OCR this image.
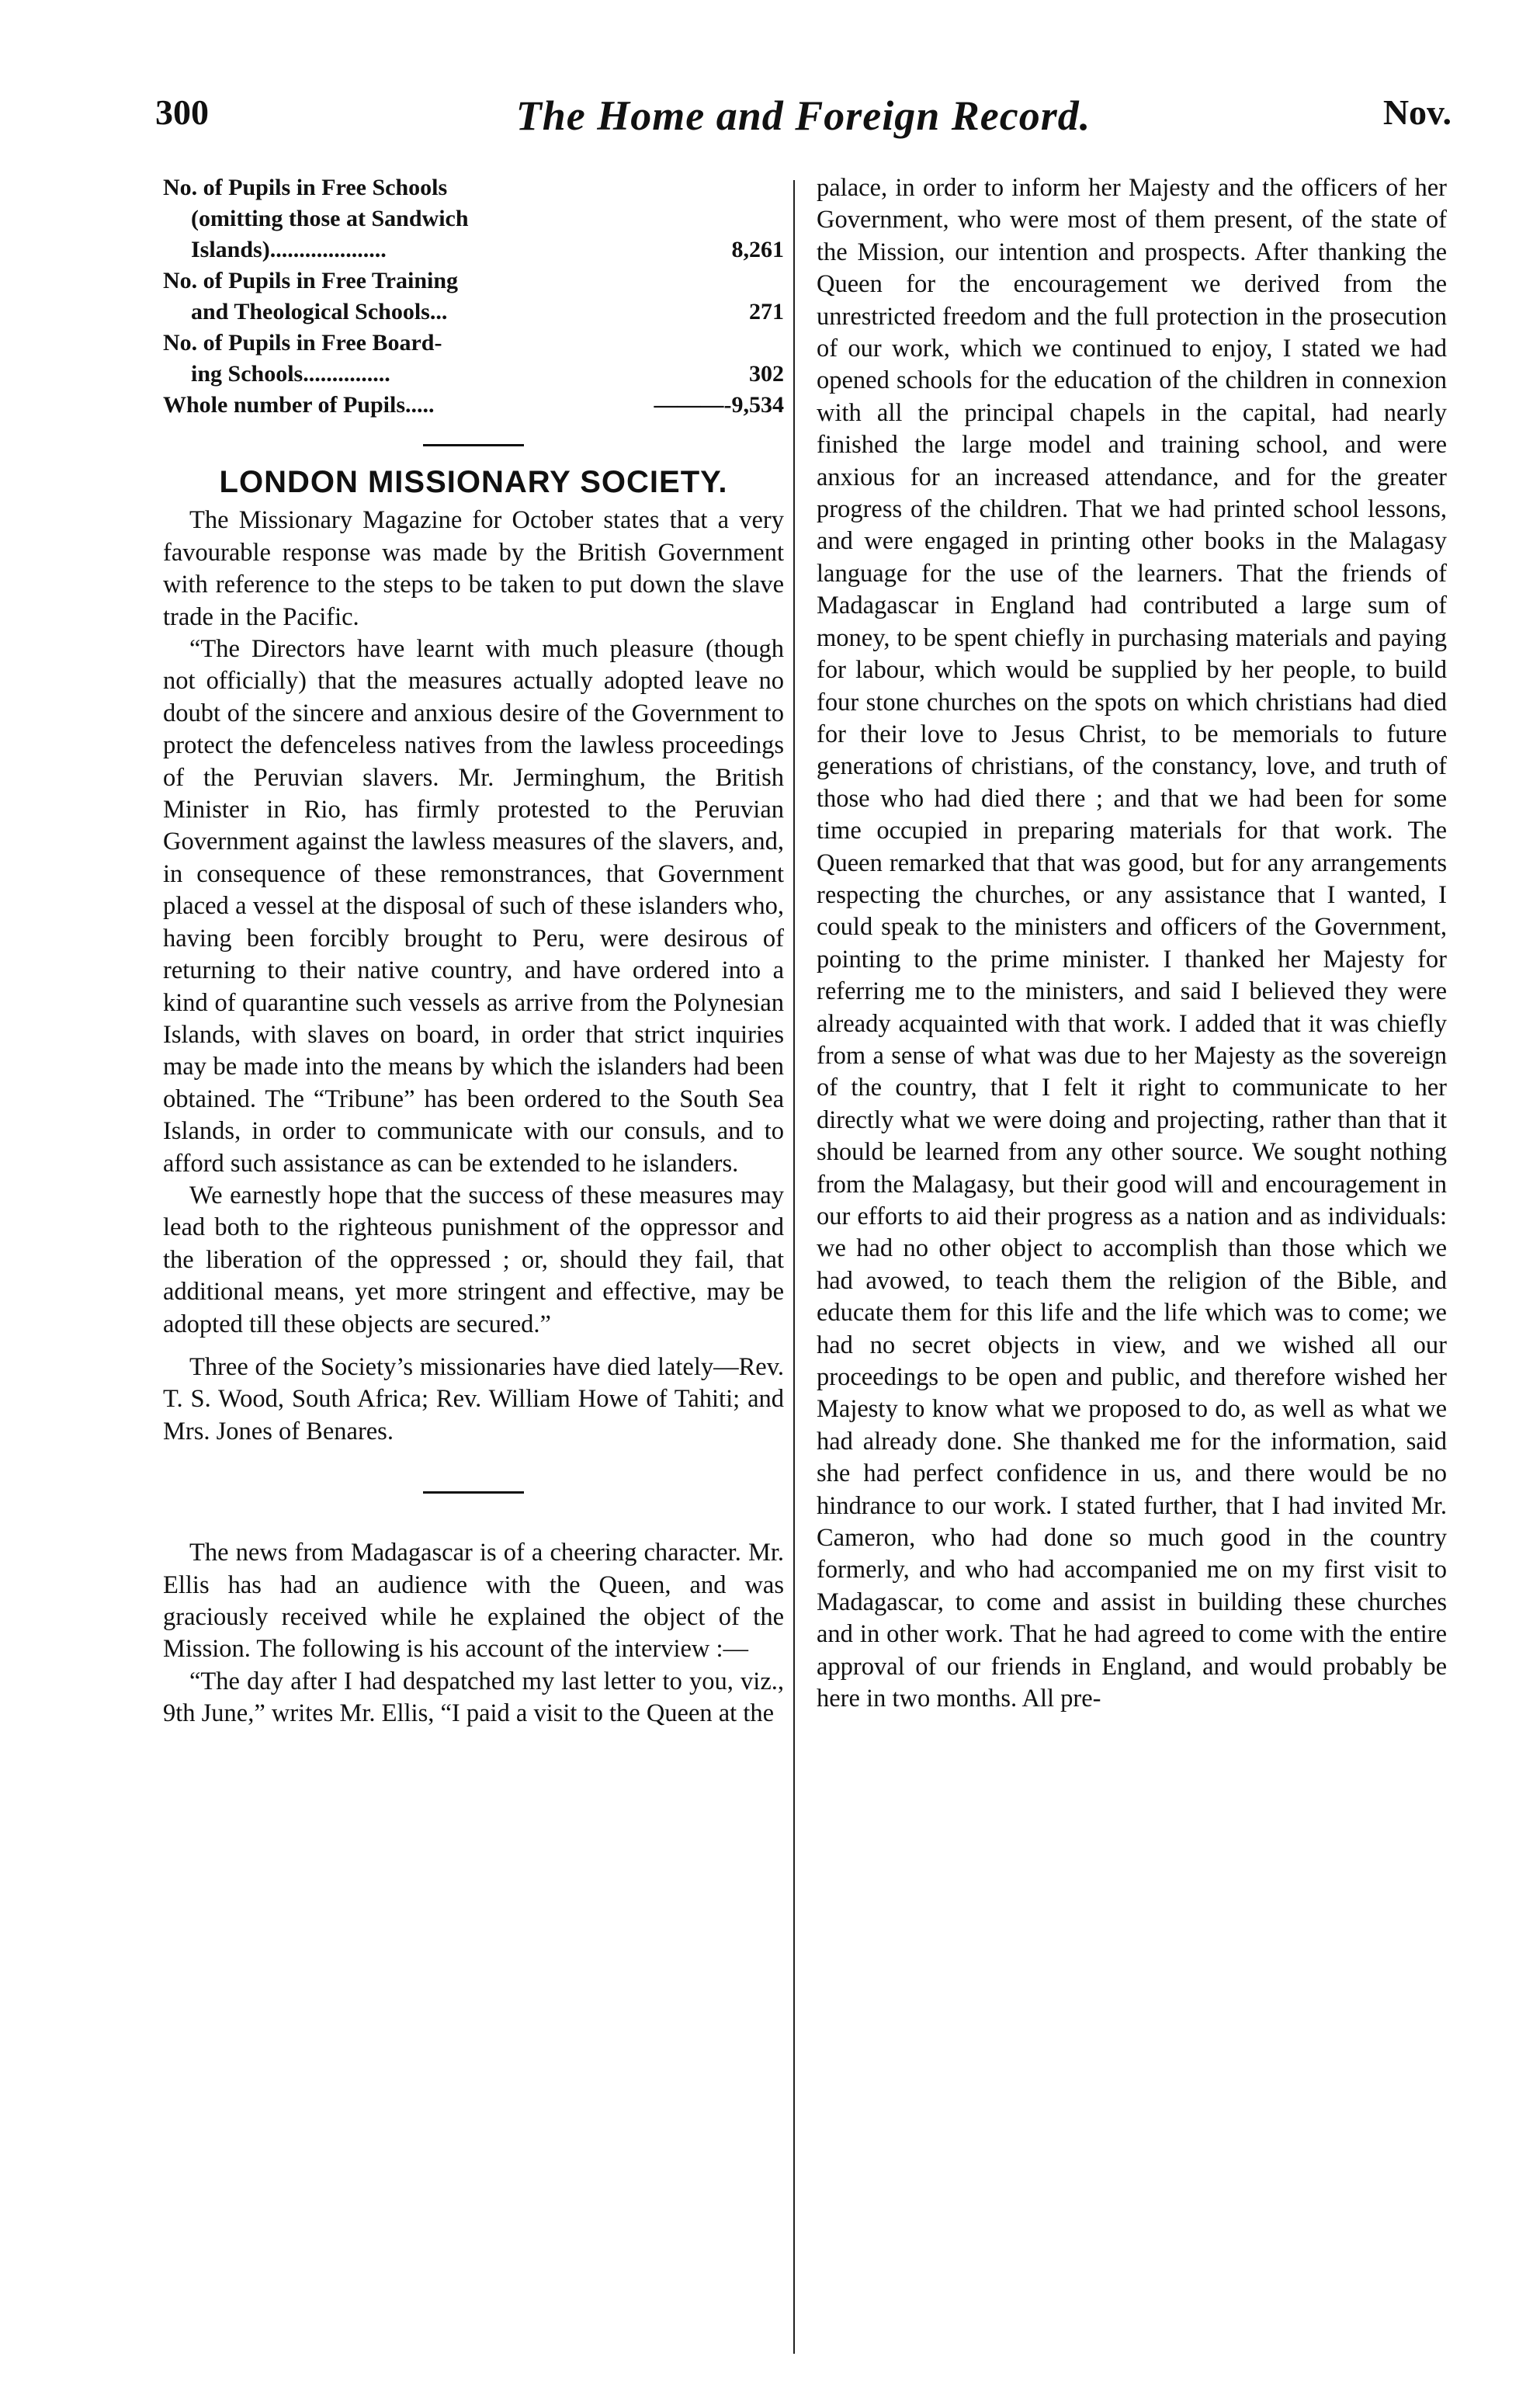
300	The Home and Foreign Record.	Nov.
No. of Pupils in Free Schools
(omitting those at Sandwich
Islands)....................	8,261
No. of Pupils in Free Training
and Theological Schools...	271
No. of Pupils in Free Board-
ing Schools...............	302
Whole number of Pupils.....	———-9,534
LONDON MISSIONARY SOCIETY.

The Missionary Magazine for October states that a very favourable response was made by the British Government with reference to the steps to be taken to put down the slave trade in the Pacific.

“The Directors have learnt with much pleasure (though not officially) that the measures actually adopted leave no doubt of the sincere and anxious desire of the Government to protect the defenceless natives from the lawless proceedings of the Peruvian slavers. Mr. Jerminghum, the British Minister in Rio, has firmly protested to the Peruvian Government against the lawless measures of the slavers, and, in consequence of these remonstrances, that Government placed a vessel at the disposal of such of these islanders who, having been forcibly brought to Peru, were desirous of returning to their native country, and have ordered into a kind of quarantine such vessels as arrive from the Polynesian Islands, with slaves on board, in order that strict inquiries may be made into the means by which the islanders had been obtained. The “Tribune” has been ordered to the South Sea Islands, in order to communicate with our consuls, and to afford such assistance as can be extended to he islanders.

We earnestly hope that the success of these measures may lead both to the righteous punishment of the oppressor and the liberation of the oppressed ; or, should they fail, that additional means, yet more stringent and effective, may be adopted till these objects are secured.”

Three of the Society’s missionaries have died lately—Rev. T. S. Wood, South Africa; Rev. William Howe of Tahiti; and Mrs. Jones of Benares.

The news from Madagascar is of a cheering character. Mr. Ellis has had an audience with the Queen, and was graciously received while he explained the object of the Mission. The following is his account of the interview :—

“The day after I had despatched my last letter to you, viz., 9th June,” writes Mr. Ellis, “I paid a visit to the Queen at the

palace, in order to inform her Majesty and the officers of her Government, who were most of them present, of the state of the Mission, our intention and prospects. After thanking the Queen for the encouragement we derived from the unrestricted freedom and the full protection in the prosecution of our work, which we continued to enjoy, I stated we had opened schools for the education of the children in connexion with all the principal chapels in the capital, had nearly finished the large model and training school, and were anxious for an increased attendance, and for the greater progress of the children. That we had printed school lessons, and were engaged in printing other books in the Malagasy language for the use of the learners. That the friends of Madagascar in England had contributed a large sum of money, to be spent chiefly in purchasing materials and paying for labour, which would be supplied by her people, to build four stone churches on the spots on which christians had died for their love to Jesus Christ, to be memorials to future generations of christians, of the constancy, love, and truth of those who had died there ; and that we had been for some time occupied in preparing materials for that work. The Queen remarked that that was good, but for any arrangements respecting the churches, or any assistance that I wanted, I could speak to the ministers and officers of the Government, pointing to the prime minister. I thanked her Majesty for referring me to the ministers, and said I believed they were already acquainted with that work. I added that it was chiefly from a sense of what was due to her Majesty as the sovereign of the country, that I felt it right to communicate to her directly what we were doing and projecting, rather than that it should be learned from any other source. We sought nothing from the Malagasy, but their good will and encouragement in our efforts to aid their progress as a nation and as individuals: we had no other object to accomplish than those which we had avowed, to teach them the religion of the Bible, and educate them for this life and the life which was to come; we had no secret objects in view, and we wished all our proceedings to be open and public, and therefore wished her Majesty to know what we proposed to do, as well as what we had already done. She thanked me for the information, said she had perfect confidence in us, and there would be no hindrance to our work. I stated further, that I had invited Mr. Cameron, who had done so much good in the country formerly, and who had accompanied me on my first visit to Madagascar, to come and assist in building these churches and in other work. That he had agreed to come with the entire approval of our friends in England, and would probably be here in two months. All pre-
